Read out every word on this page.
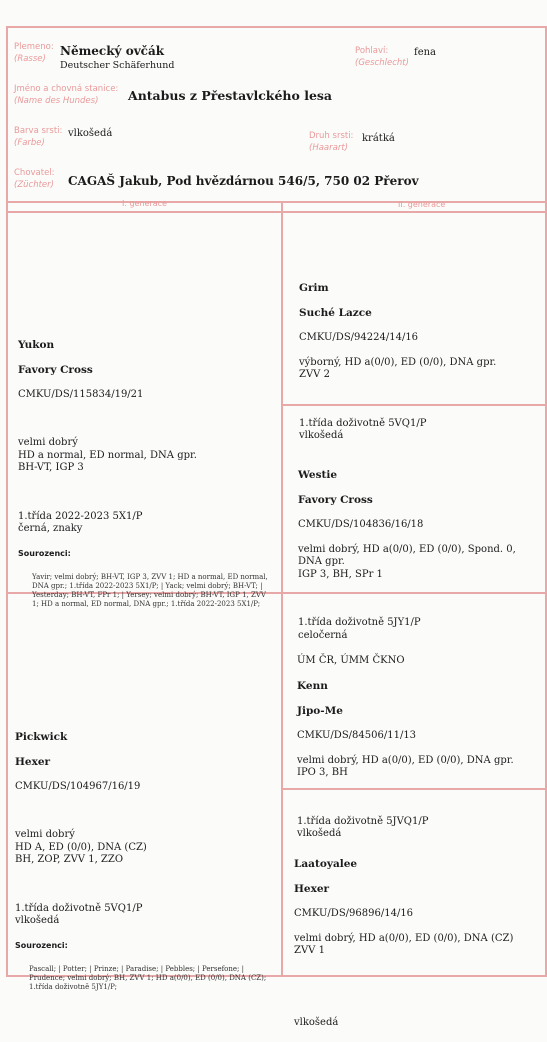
Plemeno:
(Rasse)
Německý ovčák
Deutscher Schäferhund
Pohlaví:
(Geschlecht)
fena
Jméno a chovná stanice:
(Name des Hundes) Antabus z Přestavlckého lesa
Barva srsti:
(Farbe)
vlkošedá	Druh srsti:
(Haarart)
krátká
Chovatel:
(Züchter) CAGAŠ Jakub, Pod hvězdárnou 546/5, 750 02 Přerov
I. generace	II. generace

Yukon

Favory Cross

CMKU/DS/115834/19/21

velmi dobrý
HD a normal, ED normal, DNA gpr.
BH-VT, IGP 3

1.třída 2022-2023 5X1/P
černá, znaky

Sourozenci:

Yavir; velmi dobrý; BH-VT, IGP 3, ZVV 1; HD a normal, ED normal, DNA gpr.; 1.třída 2022-2023 5X1/P; | Yack; velmi dobrý; BH-VT; | Yesterday; BH-VT, FPr 1; | Yersey; velmi dobrý; BH-VT, IGP 1, ZVV 1; HD a normal, ED normal, DNA gpr.; 1.třída 2022-2023 5X1/P;

Grim

Suché Lazce

CMKU/DS/94224/14/16

výborný, HD a(0/0), ED (0/0), DNA gpr.
ZVV 2

1.třída doživotně 5VQ1/P
vlkošedá

Westie

Favory Cross

CMKU/DS/104836/16/18

velmi dobrý, HD a(0/0), ED (0/0), Spond. 0,
DNA gpr.
IGP 3, BH, SPr 1

1.třída doživotně 5JY1/P
celočerná

Pickwick

Hexer

CMKU/DS/104967/16/19

velmi dobrý
HD A, ED (0/0), DNA (CZ)
BH, ZOP, ZVV 1, ZZO

1.třída doživotně 5VQ1/P
vlkošedá

Sourozenci:

Pascall; | Potter; | Prinze; | Paradise; | Pebbles; | Persefone; | Prudence; velmi dobrý; BH, ZVV 1; HD a(0/0), ED (0/0), DNA (CZ); 1.třída doživotně 5JY1/P;

ÚM ČR, ÚMM ČKNO

Kenn

Jipo-Me

CMKU/DS/84506/11/13

velmi dobrý, HD a(0/0), ED (0/0), DNA gpr.
IPO 3, BH

1.třída doživotně 5JVQ1/P
vlkošedá

Laatoyalee

Hexer

CMKU/DS/96896/14/16

velmi dobrý, HD a(0/0), ED (0/0), DNA (CZ)
ZVV 1

vlkošedá
